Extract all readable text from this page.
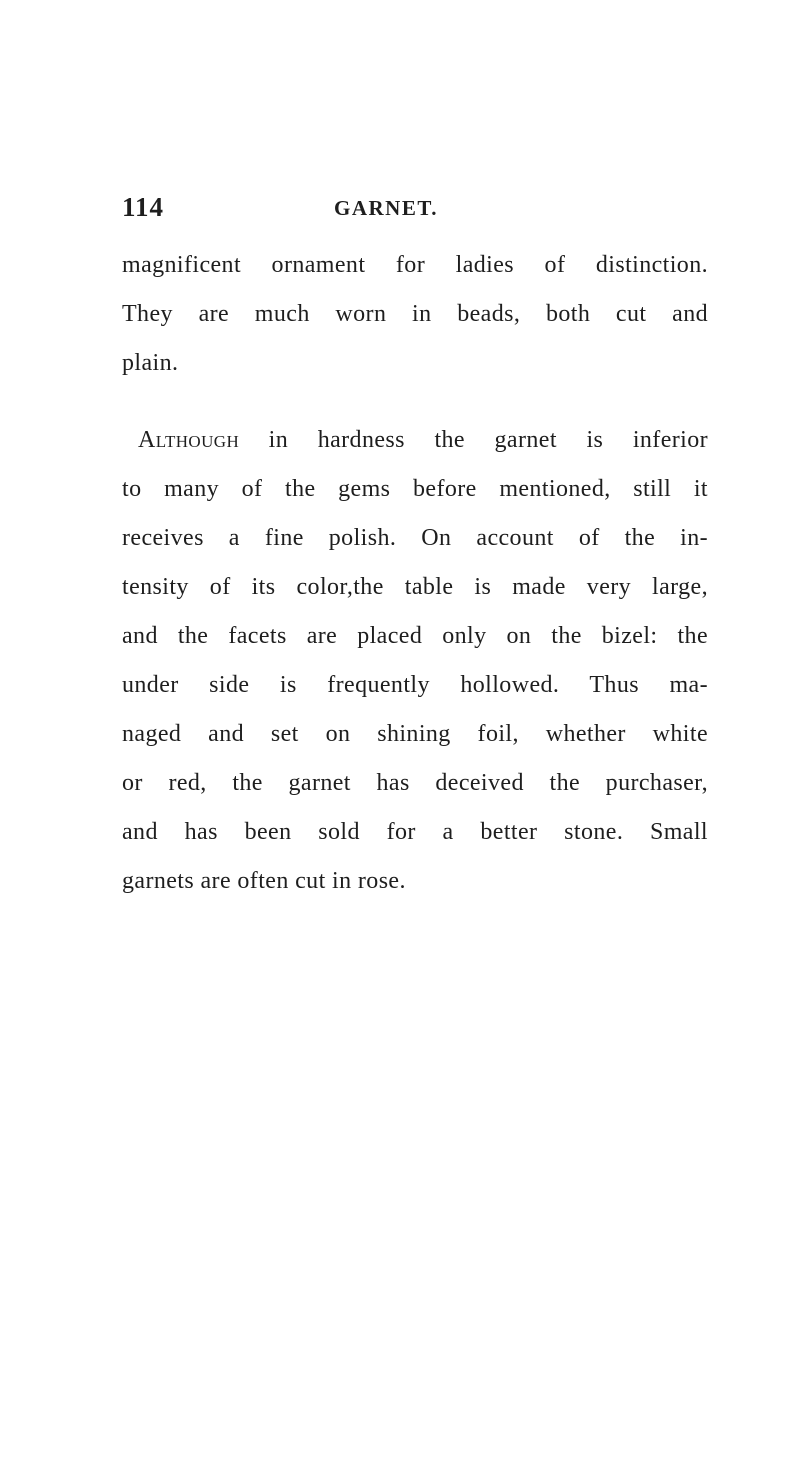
114	GARNET.
magnificent ornament for ladies of distinction.
They are much worn in beads, both cut and
plain.
Although in hardness the garnet is inferior
to many of the gems before mentioned, still it
receives a fine polish. On account of the in-
tensity of its color,the table is made very large,
and the facets are placed only on the bizel: the
under side is frequently hollowed. Thus ma-
naged and set on shining foil, whether white
or red, the garnet has deceived the purchaser,
and has been sold for a better stone. Small
garnets are often cut in rose.
